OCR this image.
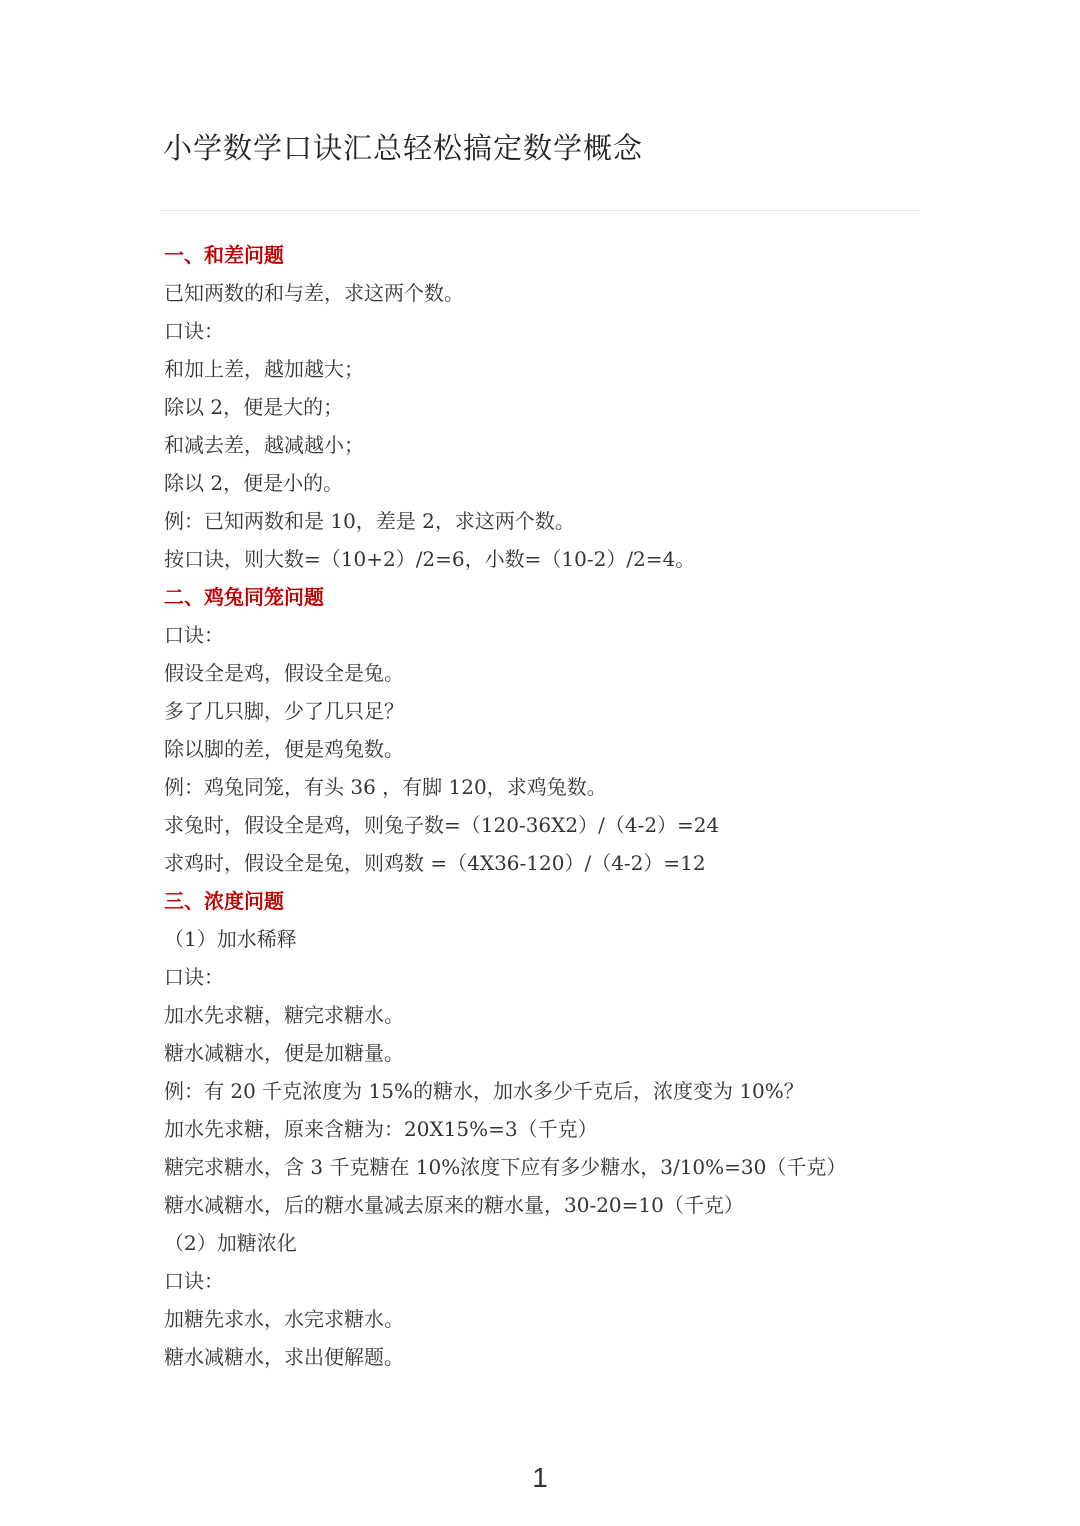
小学数学口诀汇总轻松搞定数学概念
一、和差问题
已知两数的和与差，求这两个数。
口诀：
和加上差，越加越大；
除以 2，便是大的；
和减去差，越减越小；
除以 2，便是小的。
例：已知两数和是 10，差是 2，求这两个数。
按口诀，则大数=（10+2）/2=6，小数=（10-2）/2=4。
二、鸡兔同笼问题
口诀：
假设全是鸡，假设全是兔。
多了几只脚，少了几只足？
除以脚的差，便是鸡兔数。
例：鸡兔同笼，有头 36 ，有脚 120，求鸡兔数。
求兔时，假设全是鸡，则兔子数=（120-36X2）/（4-2）=24
求鸡时，假设全是兔，则鸡数 =（4X36-120）/（4-2）=12
三、浓度问题
（1）加水稀释
口诀：
加水先求糖，糖完求糖水。
糖水减糖水，便是加糖量。
例：有 20 千克浓度为 15%的糖水，加水多少千克后，浓度变为 10%？
加水先求糖，原来含糖为：20X15%=3（千克）
糖完求糖水，含 3 千克糖在 10%浓度下应有多少糖水，3/10%=30（千克）
糖水减糖水，后的糖水量减去原来的糖水量，30-20=10（千克）
（2）加糖浓化
口诀：
加糖先求水，水完求糖水。
糖水减糖水，求出便解题。
1
